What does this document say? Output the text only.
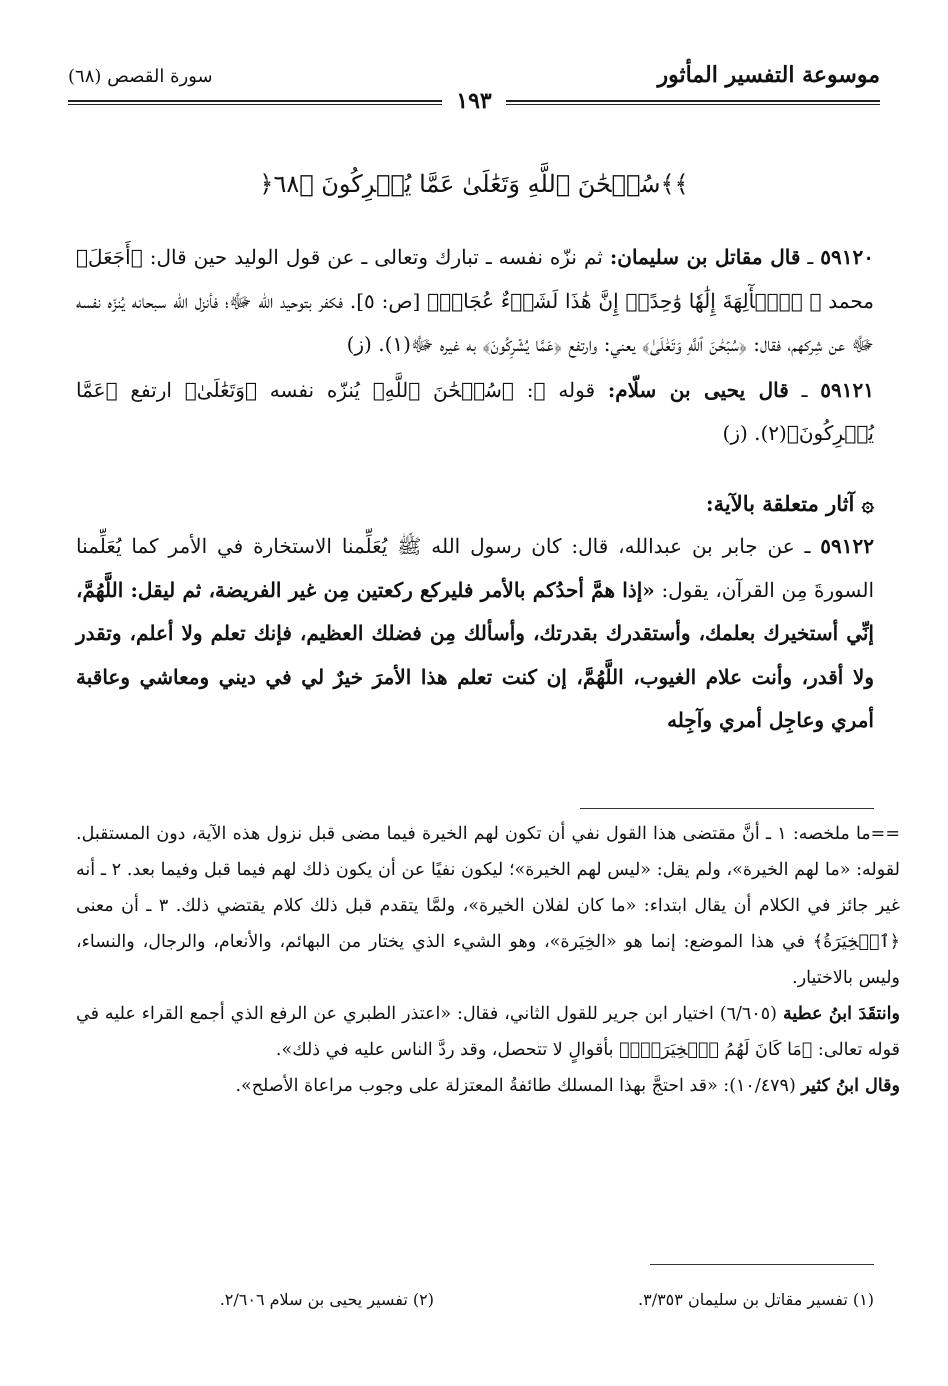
موسوعة التفسير المأثور
سورة القصص (٦٨)
١٩٣
﴿سُبۡحَٰنَ ٱللَّهِ وَتَعَٰلَىٰ عَمَّا يُشۡرِكُونَ ﴿٦٨﴾﴾

٥٩١٢٠ ـ قال مقاتل بن سليمان: ثم نزّه نفسه ـ تبارك وتعالى ـ عن قول الوليد حين قال: ﴿أَجَعَلَ﴾ محمد ﷺ ﴿ٱلۡأٓلِهَةَ إِلَٰهٗا وَٰحِدًاۖ إِنَّ هَٰذَا لَشَيۡءٌ عُجَابٞ﴾ [ص: ٥]. فكفر بتوحيد الله ﷻ؛ فأنزل الله سبحانه يُنزّه نفسه ﷻ عن شِركهم، فقال: ﴿سُبۡحَٰنَ ٱللَّهِ وَتَعَٰلَىٰ﴾ يعني: وارتفع ﴿عَمَّا يُشۡرِكُونَ﴾ به غيره ﷻ(١). (ز)

٥٩١٢١ ـ قال يحيى بن سلّام: قوله ﷻ: ﴿سُبۡحَٰنَ ٱللَّهِ﴾ يُنزّه نفسه ﴿وَتَعَٰلَىٰ﴾ ارتفع ﴿عَمَّا يُشۡرِكُونَ﴾(٢). (ز)

۞ آثار متعلقة بالآية:

٥٩١٢٢ ـ عن جابر بن عبدالله، قال: كان رسول الله ﷺ يُعَلِّمنا الاستخارة في الأمر كما يُعَلِّمنا السورةَ مِن القرآن، يقول: «إذا همَّ أحدُكم بالأمر فليركع ركعتين مِن غير الفريضة، ثم ليقل: اللَّهُمَّ، إنِّي أستخيرك بعلمك، وأستقدرك بقدرتك، وأسألك مِن فضلك العظيم، فإنك تعلم ولا أعلم، وتقدر ولا أقدر، وأنت علام الغيوب، اللَّهُمَّ، إن كنت تعلم هذا الأمرَ خيرٌ لي في ديني ومعاشي وعاقبة أمري وعاجِل أمري وآجِله

==ما ملخصه: ١ ـ أنَّ مقتضى هذا القول نفي أن تكون لهم الخيرة فيما مضى قبل نزول هذه الآية، دون المستقبل. لقوله: «ما لهم الخيرة»، ولم يقل: «ليس لهم الخيرة»؛ ليكون نفيًا عن أن يكون ذلك لهم فيما قبل وفيما بعد. ٢ ـ أنه غير جائز في الكلام أن يقال ابتداء: «ما كان لفلان الخيرة»، ولمَّا يتقدم قبل ذلك كلام يقتضي ذلك. ٣ ـ أن معنى ﴿ٱلۡخِيَرَةُ﴾ في هذا الموضع: إنما هو «الخِيَرة»، وهو الشيء الذي يختار من البهائم، والأنعام، والرجال، والنساء، وليس بالاختيار.

وانتقَدَ ابنُ عطية (٦/٦٠٥) اختيار ابن جرير للقول الثاني، فقال: «اعتذر الطبري عن الرفع الذي أجمع القراء عليه في قوله تعالى: ﴿مَا كَانَ لَهُمُ ٱلۡخِيَرَةُۚ﴾ بأقوالٍ لا تتحصل، وقد ردَّ الناس عليه في ذلك».

وقال ابنُ كثير (١٠/٤٧٩): «قد احتجَّ بهذا المسلك طائفةُ المعتزلة على وجوب مراعاة الأصلح».

(١) تفسير مقاتل بن سليمان ٣/٣٥٣.
(٢) تفسير يحيى بن سلام ٢/٦٠٦.
